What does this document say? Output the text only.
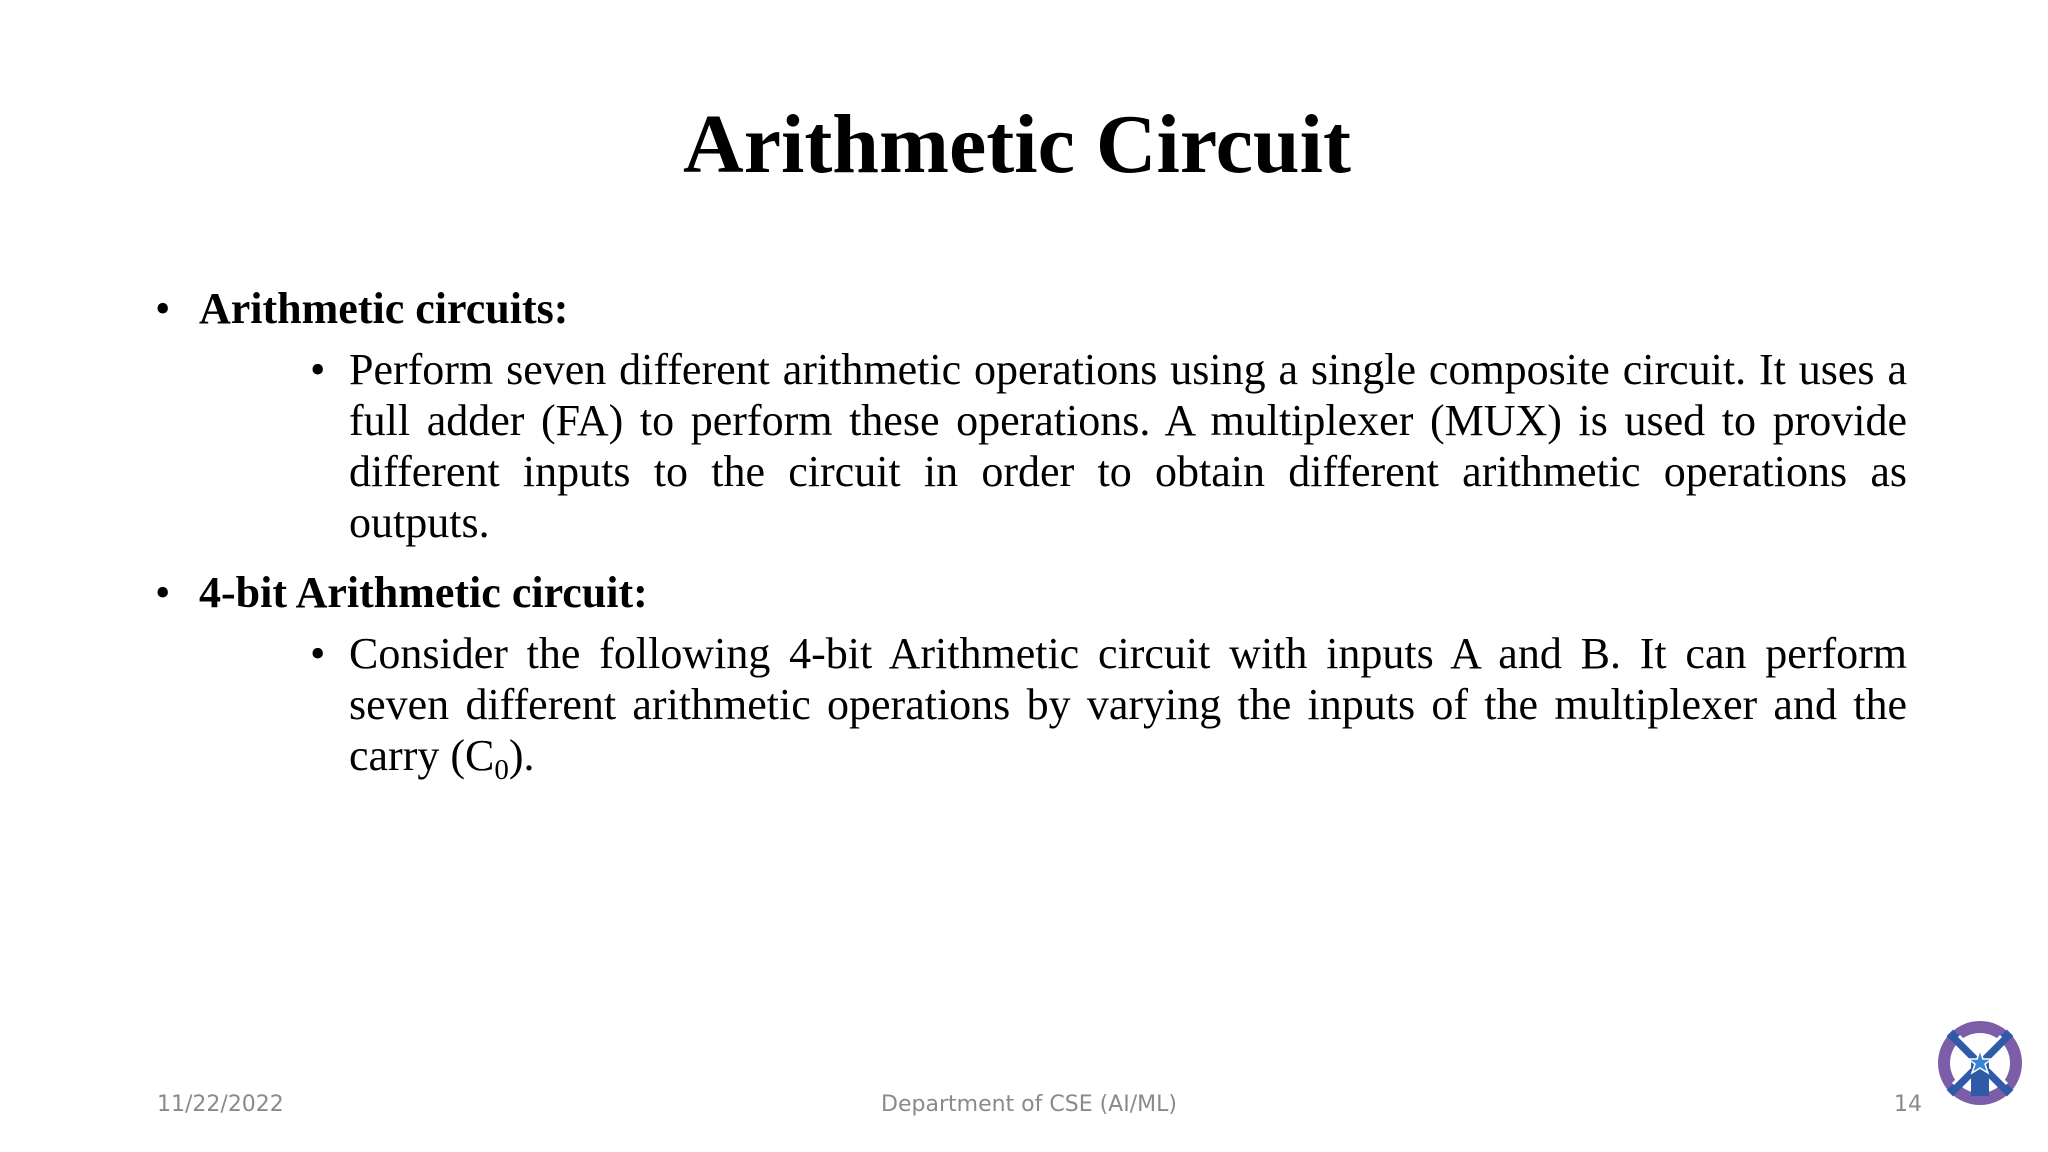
Arithmetic Circuit
• Arithmetic circuits:
• Perform seven different arithmetic operations using a single composite circuit. It uses a full adder (FA) to perform these operations. A multiplexer (MUX) is used to provide different inputs to the circuit in order to obtain different arithmetic operations as outputs.
• 4-bit Arithmetic circuit:
• Consider the following 4-bit Arithmetic circuit with inputs A and B. It can perform seven different arithmetic operations by varying the inputs of the multiplexer and the carry $(C_0)$.
11/22/2022	Department of CSE (AI/ML)	14
